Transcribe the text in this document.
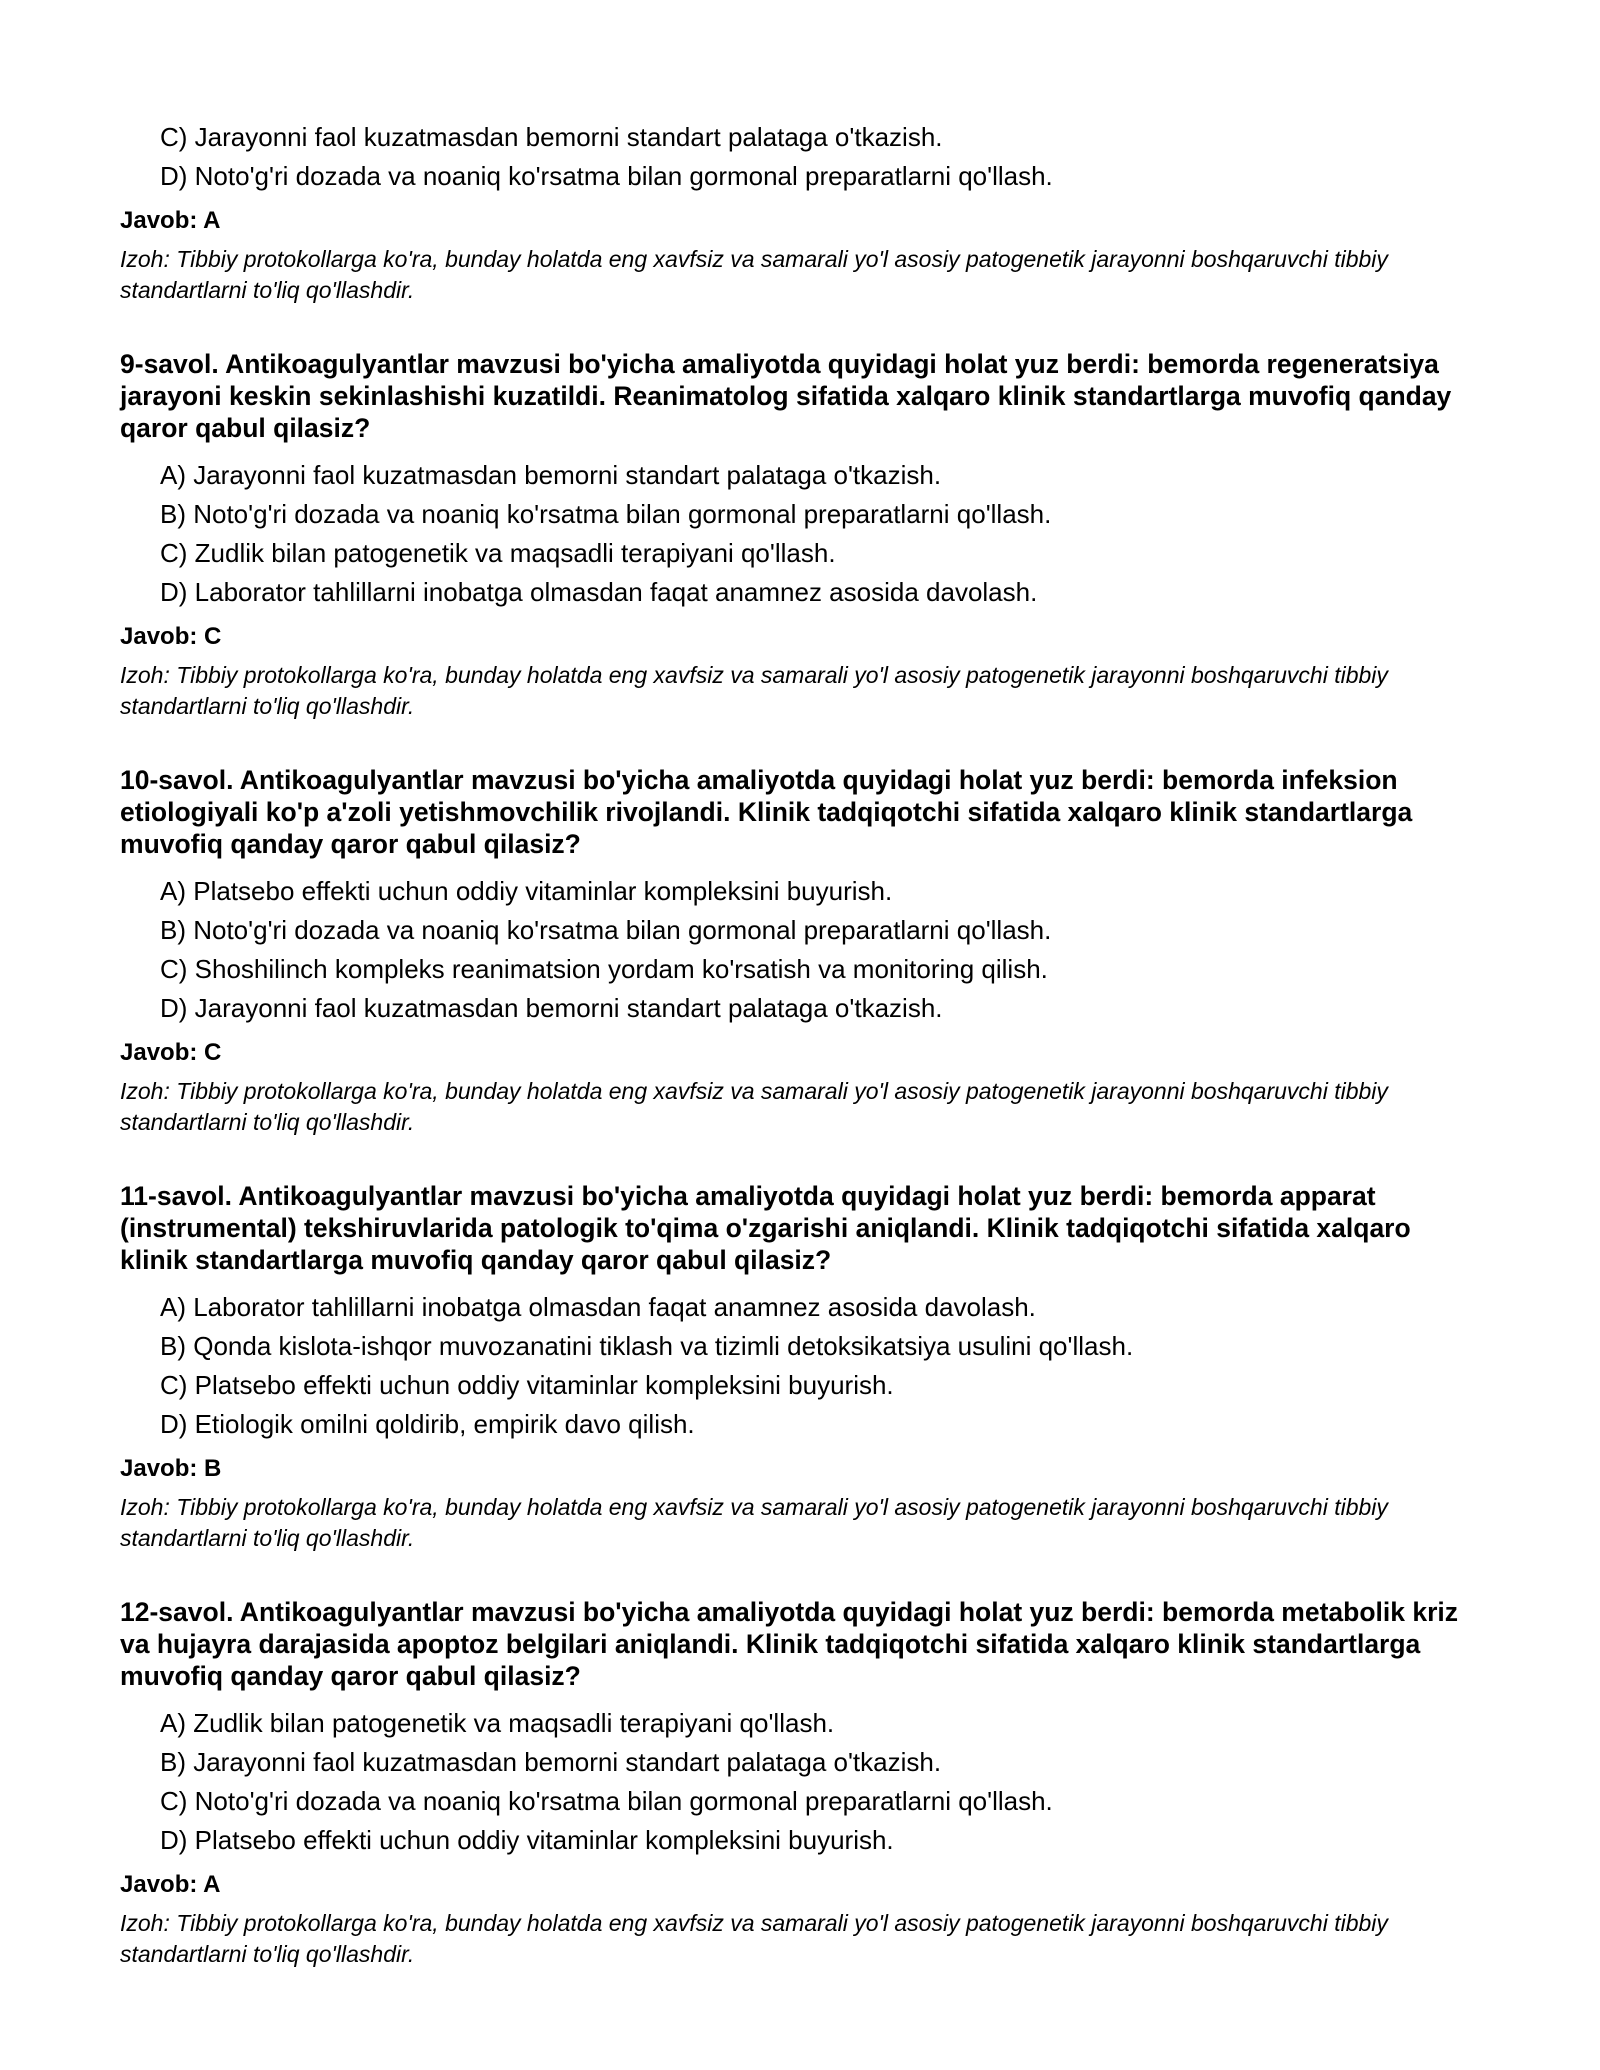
C) Jarayonni faol kuzatmasdan bemorni standart palataga o'tkazish.
D) Noto'g'ri dozada va noaniq ko'rsatma bilan gormonal preparatlarni qo'llash.
Javob: A
Izoh: Tibbiy protokollarga ko'ra, bunday holatda eng xavfsiz va samarali yo'l asosiy patogenetik jarayonni boshqaruvchi tibbiy standartlarni to'liq qo'llashdir.
9-savol. Antikoagulyantlar mavzusi bo'yicha amaliyotda quyidagi holat yuz berdi: bemorda regeneratsiya jarayoni keskin sekinlashishi kuzatildi. Reanimatolog sifatida xalqaro klinik standartlarga muvofiq qanday qaror qabul qilasiz?
A) Jarayonni faol kuzatmasdan bemorni standart palataga o'tkazish.
B) Noto'g'ri dozada va noaniq ko'rsatma bilan gormonal preparatlarni qo'llash.
C) Zudlik bilan patogenetik va maqsadli terapiyani qo'llash.
D) Laborator tahlillarni inobatga olmasdan faqat anamnez asosida davolash.
Javob: C
Izoh: Tibbiy protokollarga ko'ra, bunday holatda eng xavfsiz va samarali yo'l asosiy patogenetik jarayonni boshqaruvchi tibbiy standartlarni to'liq qo'llashdir.
10-savol. Antikoagulyantlar mavzusi bo'yicha amaliyotda quyidagi holat yuz berdi: bemorda infeksion etiologiyali ko'p a'zoli yetishmovchilik rivojlandi. Klinik tadqiqotchi sifatida xalqaro klinik standartlarga muvofiq qanday qaror qabul qilasiz?
A) Platsebo effekti uchun oddiy vitaminlar kompleksini buyurish.
B) Noto'g'ri dozada va noaniq ko'rsatma bilan gormonal preparatlarni qo'llash.
C) Shoshilinch kompleks reanimatsion yordam ko'rsatish va monitoring qilish.
D) Jarayonni faol kuzatmasdan bemorni standart palataga o'tkazish.
Javob: C
Izoh: Tibbiy protokollarga ko'ra, bunday holatda eng xavfsiz va samarali yo'l asosiy patogenetik jarayonni boshqaruvchi tibbiy standartlarni to'liq qo'llashdir.
11-savol. Antikoagulyantlar mavzusi bo'yicha amaliyotda quyidagi holat yuz berdi: bemorda apparat (instrumental) tekshiruvlarida patologik to'qima o'zgarishi aniqlandi. Klinik tadqiqotchi sifatida xalqaro klinik standartlarga muvofiq qanday qaror qabul qilasiz?
A) Laborator tahlillarni inobatga olmasdan faqat anamnez asosida davolash.
B) Qonda kislota-ishqor muvozanatini tiklash va tizimli detoksikatsiya usulini qo'llash.
C) Platsebo effekti uchun oddiy vitaminlar kompleksini buyurish.
D) Etiologik omilni qoldirib, empirik davo qilish.
Javob: B
Izoh: Tibbiy protokollarga ko'ra, bunday holatda eng xavfsiz va samarali yo'l asosiy patogenetik jarayonni boshqaruvchi tibbiy standartlarni to'liq qo'llashdir.
12-savol. Antikoagulyantlar mavzusi bo'yicha amaliyotda quyidagi holat yuz berdi: bemorda metabolik kriz va hujayra darajasida apoptoz belgilari aniqlandi. Klinik tadqiqotchi sifatida xalqaro klinik standartlarga muvofiq qanday qaror qabul qilasiz?
A) Zudlik bilan patogenetik va maqsadli terapiyani qo'llash.
B) Jarayonni faol kuzatmasdan bemorni standart palataga o'tkazish.
C) Noto'g'ri dozada va noaniq ko'rsatma bilan gormonal preparatlarni qo'llash.
D) Platsebo effekti uchun oddiy vitaminlar kompleksini buyurish.
Javob: A
Izoh: Tibbiy protokollarga ko'ra, bunday holatda eng xavfsiz va samarali yo'l asosiy patogenetik jarayonni boshqaruvchi tibbiy standartlarni to'liq qo'llashdir.
